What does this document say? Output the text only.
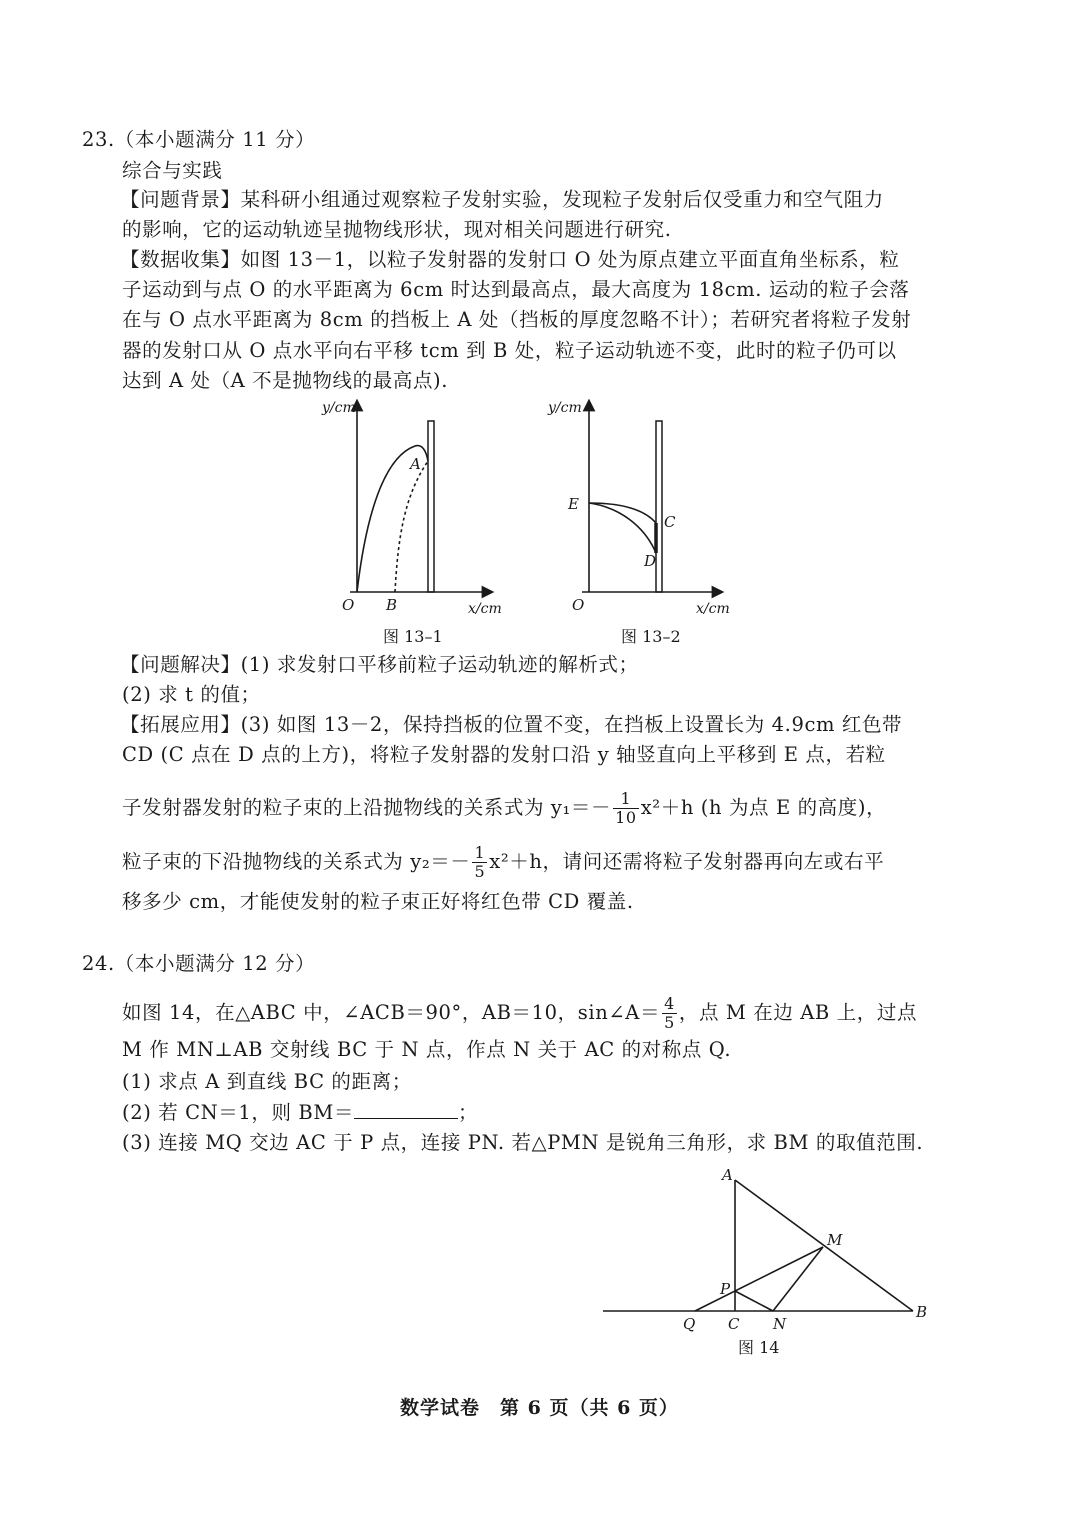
23.（本小题满分 11 分）
综合与实践
【问题背景】某科研小组通过观察粒子发射实验，发现粒子发射后仅受重力和空气阻力
的影响，它的运动轨迹呈抛物线形状，现对相关问题进行研究.
【数据收集】如图 13－1，以粒子发射器的发射口 O 处为原点建立平面直角坐标系，粒
子运动到与点 O 的水平距离为 6cm 时达到最高点，最大高度为 18cm. 运动的粒子会落
在与 O 点水平距离为 8cm 的挡板上 A 处（挡板的厚度忽略不计）；若研究者将粒子发射
器的发射口从 O 点水平向右平移 tcm 到 B 处，粒子运动轨迹不变，此时的粒子仍可以
达到 A 处（A 不是抛物线的最高点).
y/cm
x/cm
O B
A
图 13–1
E
C
D
y/cm
x/cm
O
图 13–2
【问题解决】(1) 求发射口平移前粒子运动轨迹的解析式；
(2) 求 t 的值；
【拓展应用】(3) 如图 13－2，保持挡板的位置不变，在挡板上设置长为 4.9cm 红色带
CD (C 点在 D 点的上方)，将粒子发射器的发射口沿 y 轴竖直向上平移到 E 点，若粒
子发射器发射的粒子束的上沿抛物线的关系式为 $y_1=- \frac{1}{10} x^2+h$ (h 为点 E 的高度)，
粒子束的下沿抛物线的关系式为 $y_2=- \frac{1}{5} x^2+h$，请问还需将粒子发射器再向左或右平
移多少 cm，才能使发射的粒子束正好将红色带 CD 覆盖.
24.（本小题满分 12 分）
如图 14，在△ABC 中，∠ACB＝90°，AB＝10，sin∠A＝ $\frac{4}{5}$ ，点 M 在边 AB 上，过点
M 作 MN⊥AB 交射线 BC 于 N 点，作点 N 关于 AC 的对称点 Q.
(1) 求点 A 到直线 BC 的距离；
(2) 若 CN＝1，则 BM＝	；
(3) 连接 MQ 交边 AC 于 P 点，连接 PN. 若△PMN 是锐角三角形，求 BM 的取值范围.
A
B
C
M
N
P
Q
图 14
数学试卷　第 6 页（共 6 页）
